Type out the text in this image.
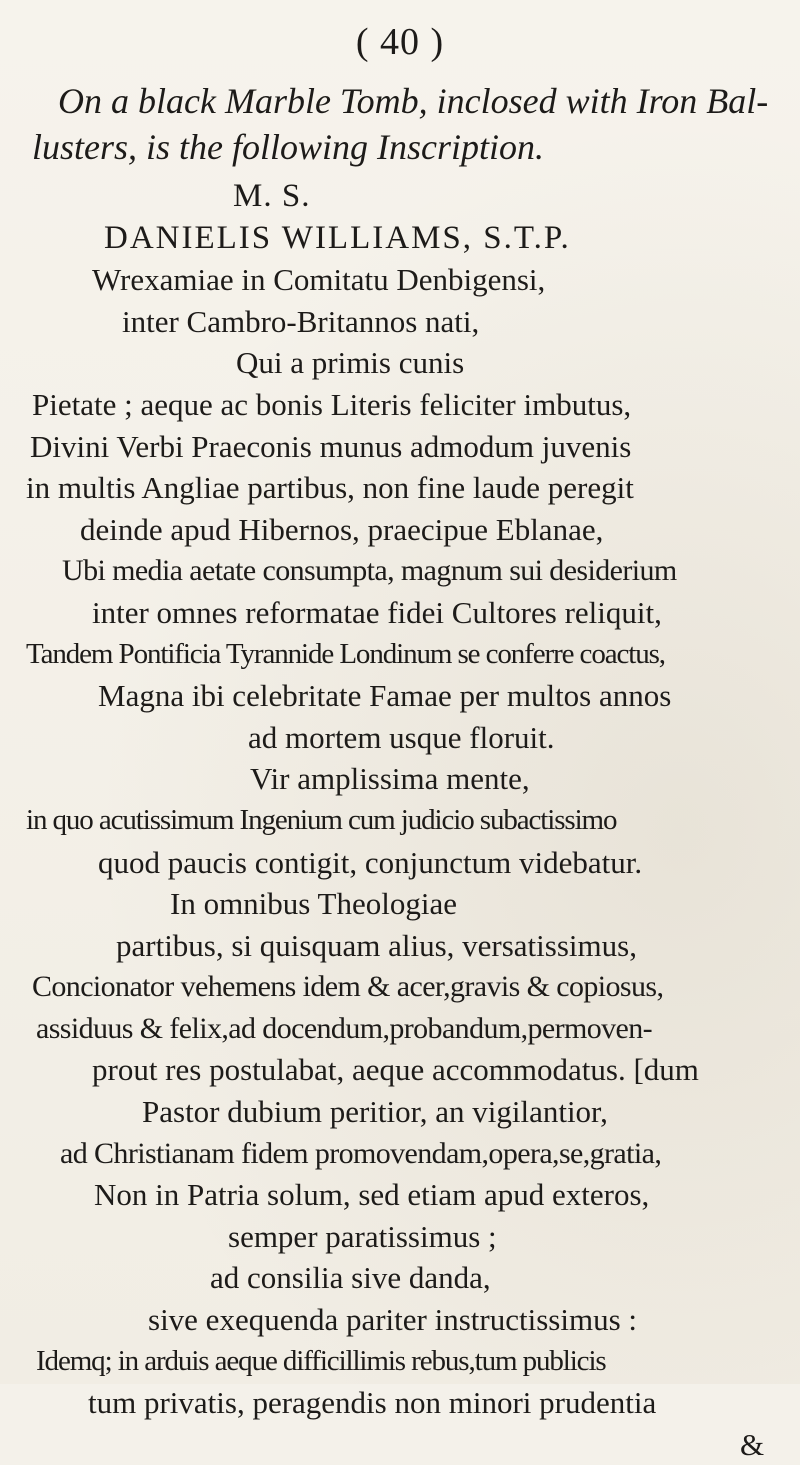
( 40 )

On a black Marble Tomb, inclosed with Iron Bal-
lusters, is the following Inscription.

M. S.
DANIELIS WILLIAMS, S.T.P.
Wrexamiae in Comitatu Denbigensi,
inter Cambro-Britannos nati,
Qui a primis cunis
Pietate ; aeque ac bonis Literis feliciter imbutus,
Divini Verbi Praeconis munus admodum juvenis
in multis Angliae partibus, non fine laude peregit
deinde apud Hibernos, praecipue Eblanae,
Ubi media aetate consumpta, magnum sui desiderium
inter omnes reformatae fidei Cultores reliquit,
Tandem Pontificia Tyrannide Londinum se conferre coactus,
Magna ibi celebritate Famae per multos annos
ad mortem usque floruit.
Vir amplissima mente,
in quo acutissimum Ingenium cum judicio subactissimo
quod paucis contigit, conjunctum videbatur.
In omnibus Theologiae
partibus, si quisquam alius, versatissimus,
Concionator vehemens idem & acer,gravis & copiosus,
assiduus & felix,ad docendum,probandum,permoven-
prout res postulabat, aeque accommodatus. [dum
Pastor dubium peritior, an vigilantior,
ad Christianam fidem promovendam,opera,se,gratia,
Non in Patria solum, sed etiam apud exteros,
semper paratissimus ;
ad consilia sive danda,
sive exequenda pariter instructissimus :
Idemq; in arduis aeque difficillimis rebus,tum publicis
tum privatis, peragendis non minori prudentia
&
